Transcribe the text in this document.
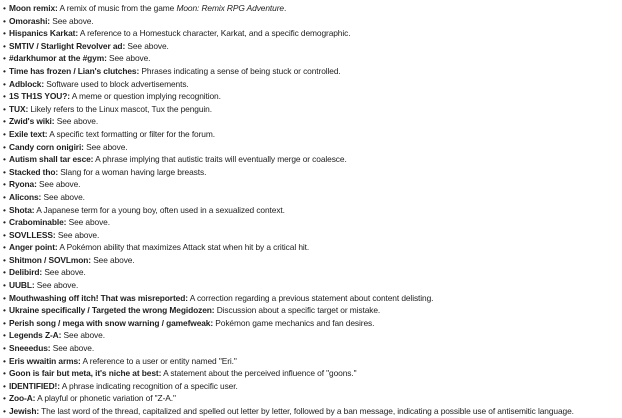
• Moon remix: A remix of music from the game Moon: Remix RPG Adventure.
• Omorashi: See above.
• Hispanics Karkat: A reference to a Homestuck character, Karkat, and a specific demographic.
• SMTIV / Starlight Revolver ad: See above.
• #darkhumor at the #gym: See above.
• Time has frozen / Lian's clutches: Phrases indicating a sense of being stuck or controlled.
• Adblock: Software used to block advertisements.
• 1S TH1S YOU?: A meme or question implying recognition.
• TUX: Likely refers to the Linux mascot, Tux the penguin.
• Zwid's wiki: See above.
• Exile text: A specific text formatting or filter for the forum.
• Candy corn onigiri: See above.
• Autism shall tar esce: A phrase implying that autistic traits will eventually merge or coalesce.
• Stacked tho: Slang for a woman having large breasts.
• Ryona: See above.
• Alicons: See above.
• Shota: A Japanese term for a young boy, often used in a sexualized context.
• Crabominable: See above.
• SOVLLESS: See above.
• Anger point: A Pokémon ability that maximizes Attack stat when hit by a critical hit.
• Shitmon / SOVLmon: See above.
• Delibird: See above.
• UUBL: See above.
• Mouthwashing off itch! That was misreported: A correction regarding a previous statement about content delisting.
• Ukraine specifically / Targeted the wrong Megidozen: Discussion about a specific target or mistake.
• Perish song / mega with snow warning / gamefweak: Pokémon game mechanics and fan desires.
• Legends Z-A: See above.
• Sneeedus: See above.
• Eris wwaitin arms: A reference to a user or entity named "Eri."
• Goon is fair but meta, it's niche at best: A statement about the perceived influence of "goons."
• IDENTIFIED!: A phrase indicating recognition of a specific user.
• Zoo-A: A playful or phonetic variation of "Z-A."
• Jewish: The last word of the thread, capitalized and spelled out letter by letter, followed by a ban message, indicating a possible use of antisemitic language.
